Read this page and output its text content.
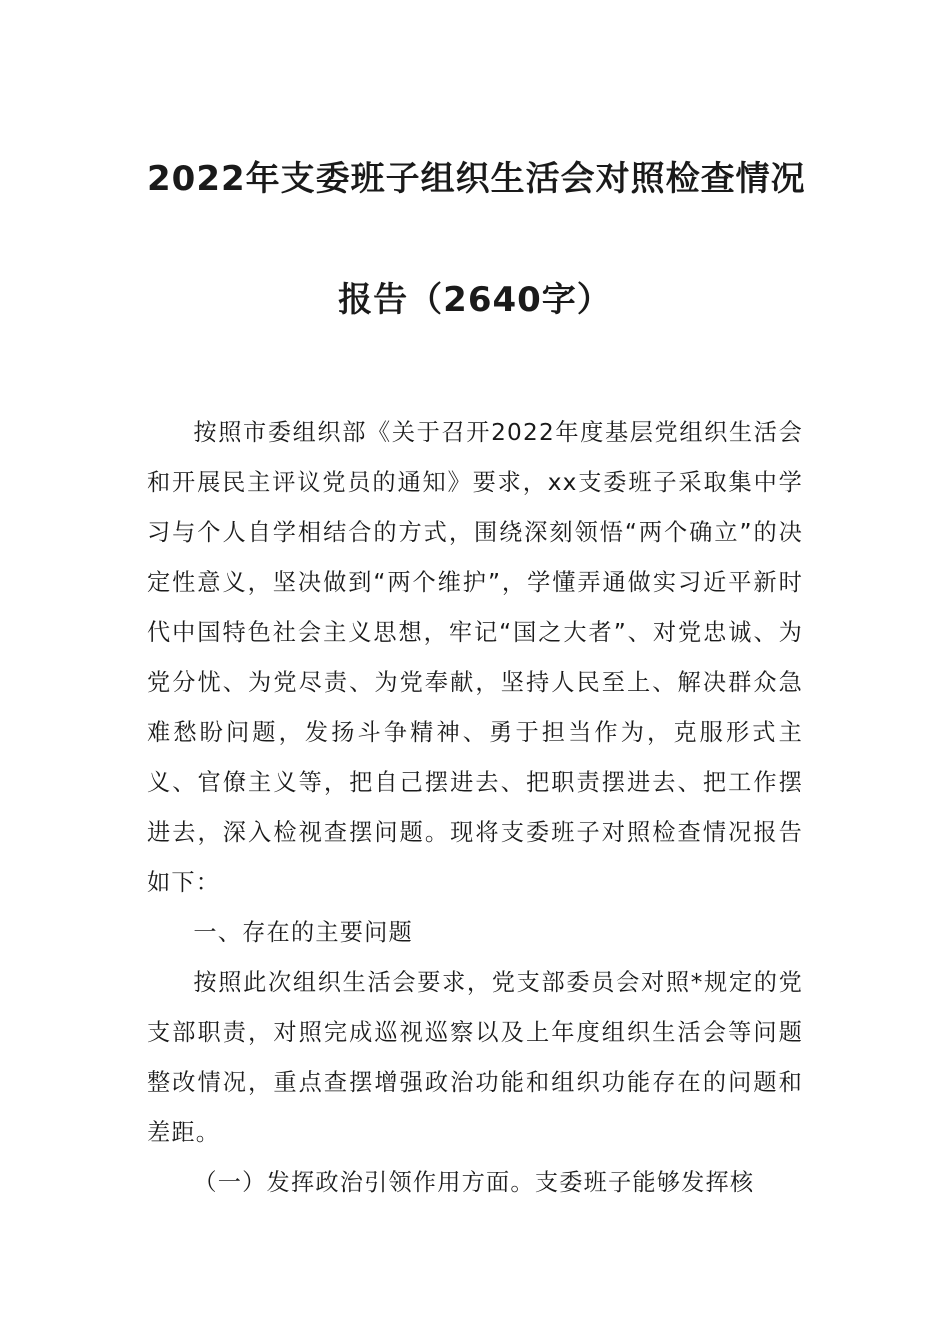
2022年支委班子组织生活会对照检查情况
报告（2640字）

按照市委组织部《关于召开2022年度基层党组织生活会和开展民主评议党员的通知》要求，xx支委班子采取集中学习与个人自学相结合的方式，围绕深刻领悟“两个确立”的决定性意义，坚决做到“两个维护”，学懂弄通做实习近平新时代中国特色社会主义思想，牢记“国之大者”、对党忠诚、为党分忧、为党尽责、为党奉献，坚持人民至上、解决群众急难愁盼问题，发扬斗争精神、勇于担当作为，克服形式主义、官僚主义等，把自己摆进去、把职责摆进去、把工作摆进去，深入检视查摆问题。现将支委班子对照检查情况报告如下：

一、存在的主要问题

按照此次组织生活会要求，党支部委员会对照*规定的党支部职责，对照完成巡视巡察以及上年度组织生活会等问题整改情况，重点查摆增强政治功能和组织功能存在的问题和差距。

（一）发挥政治引领作用方面。支委班子能够发挥核
